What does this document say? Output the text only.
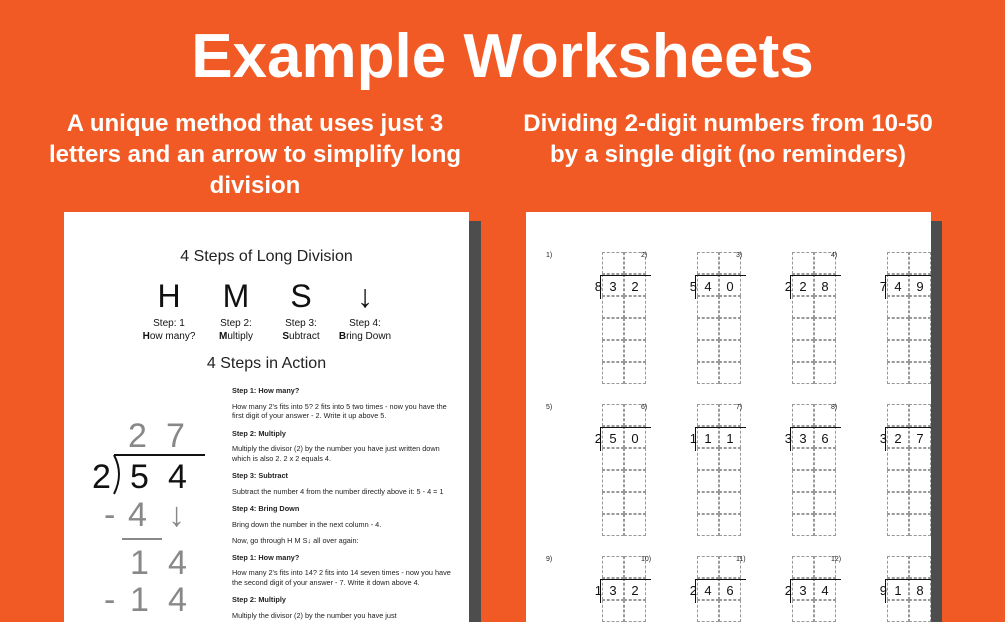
Example Worksheets
A unique method that uses just 3 letters and an arrow to simplify long division
Dividing 2-digit numbers from 10-50 by a single digit (no reminders)
4 Steps of Long Division
H
Step: 1
How many?
M
Step 2:
Multiply
S
Step 3:
Subtract
↓
Step 4:
Bring Down
4 Steps in Action
2 7
2 5 4
- 4 ↓
1 4
- 1 4
Step 1: How many?
How many 2's fits into 5? 2 fits into 5 two times - now you have the first digit of your answer - 2. Write it up above 5.
Step 2: Multiply
Multiply the divisor (2) by the number you have just written down which is also 2. 2 x 2 equals 4.
Step 3: Subtract
Subtract the number 4 from the number directly above it: 5 - 4 = 1
Step 4: Bring Down
Bring down the number in the next column - 4.
Now, go through H M S↓ all over again:
Step 1: How many?
How many 2's fits into 14? 2 fits into 14 seven times - now you have the second digit of your answer - 7. Write it down above 4.
Step 2: Multiply
Multiply the divisor (2) by the number you have just
1)
8 3	2
2)
5 4	0
3)
2 2	8
4)
7 4	9
5)
2 5	0
6)
1 1	1
7)
3 3	6
8)
3 2	7
9)
1 3	2
10)
2 4	6
11)
2 3	4
12)
9 1	8
